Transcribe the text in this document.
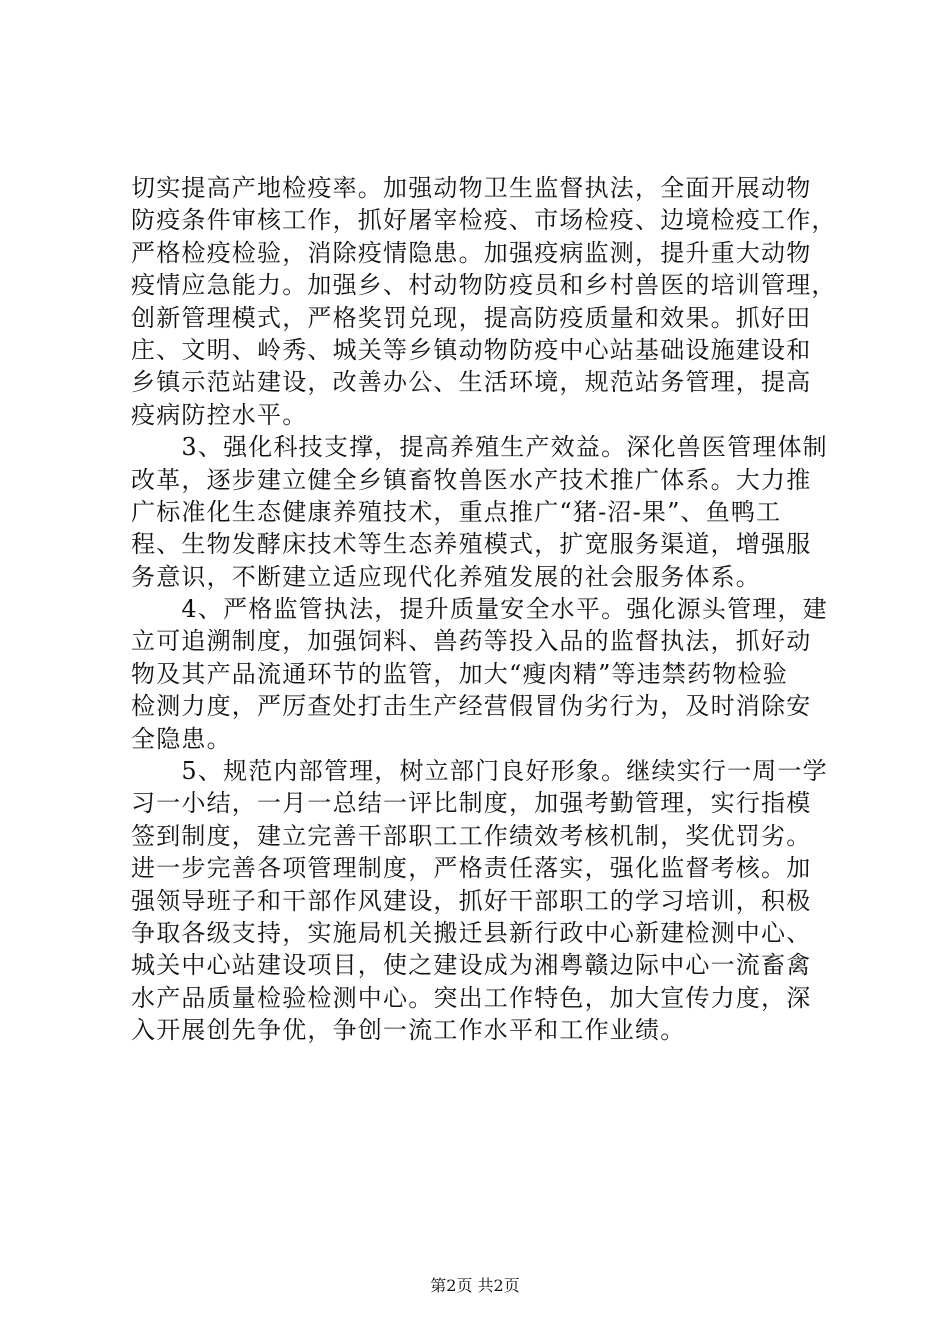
切实提高产地检疫率。加强动物卫生监督执法，全面开展动物
防疫条件审核工作，抓好屠宰检疫、市场检疫、边境检疫工作，
严格检疫检验，消除疫情隐患。加强疫病监测，提升重大动物
疫情应急能力。加强乡、村动物防疫员和乡村兽医的培训管理，
创新管理模式，严格奖罚兑现，提高防疫质量和效果。抓好田
庄、文明、岭秀、城关等乡镇动物防疫中心站基础设施建设和
乡镇示范站建设，改善办公、生活环境，规范站务管理，提高
疫病防控水平。
　　3、强化科技支撑，提高养殖生产效益。深化兽医管理体制
改革，逐步建立健全乡镇畜牧兽医水产技术推广体系。大力推
广标准化生态健康养殖技术，重点推广“猪-沼-果”、鱼鸭工
程、生物发酵床技术等生态养殖模式，扩宽服务渠道，增强服
务意识，不断建立适应现代化养殖发展的社会服务体系。
　　4、严格监管执法，提升质量安全水平。强化源头管理，建
立可追溯制度，加强饲料、兽药等投入品的监督执法，抓好动
物及其产品流通环节的监管，加大“瘦肉精”等违禁药物检验
检测力度，严厉查处打击生产经营假冒伪劣行为，及时消除安
全隐患。
　　5、规范内部管理，树立部门良好形象。继续实行一周一学
习一小结，一月一总结一评比制度，加强考勤管理，实行指模
签到制度，建立完善干部职工工作绩效考核机制，奖优罚劣。
进一步完善各项管理制度，严格责任落实，强化监督考核。加
强领导班子和干部作风建设，抓好干部职工的学习培训，积极
争取各级支持，实施局机关搬迁县新行政中心新建检测中心、
城关中心站建设项目，使之建设成为湘粤赣边际中心一流畜禽
水产品质量检验检测中心。突出工作特色，加大宣传力度，深
入开展创先争优，争创一流工作水平和工作业绩。
第2页 共2页
